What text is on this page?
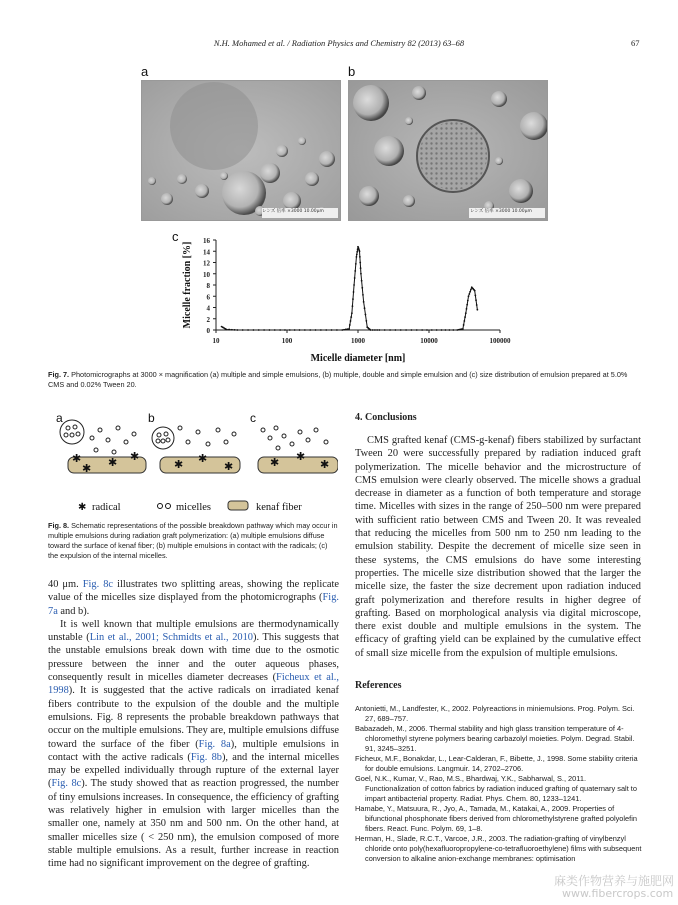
N.H. Mohamed et al. / Radiation Physics and Chemistry 82 (2013) 63–68	67
a	b
レンズ 倍率 ×3000 10.00μm	レンズ 倍率 ×3000 10.00μm
c
0
2
4
6
8
10
12
14
16
10	100	1000	10000	100000
Micelle diameter [nm]
Micelle fraction [%]
Fig. 7. Photomicrographs at 3000 × magnification (a) multiple and simple emulsions, (b) multiple, double and simple emulsion and (c) size distribution of emulsion prepared at 5.0% CMS and 0.02% Tween 20.
a	b	c
✱
✱ ✱ ✱
✱ ✱
✱	✱ ✱
✱
✱ radical	micelles	kenaf fiber
Fig. 8. Schematic representations of the possible breakdown pathway which may occur in multiple emulsions during radiation graft polymerization: (a) multiple emulsions diffuse toward the surface of kenaf fiber; (b) multiple emulsions in contact with the radicals; (c) the expulsion of the internal micelles.

40 μm. Fig. 8c illustrates two splitting areas, showing the replicate value of the micelles size displayed from the photomicrographs (Fig. 7a and b).

It is well known that multiple emulsions are thermodynamically unstable (Lin et al., 2001; Schmidts et al., 2010). This suggests that the unstable emulsions break down with time due to the osmotic pressure between the inner and the outer aqueous phases, consequently result in micelles diameter decreases (Ficheux et al., 1998). It is suggested that the active radicals on irradiated kenaf fibers contribute to the expulsion of the double and the multiple emulsions. Fig. 8 represents the probable breakdown pathways that occur on the multiple emulsions. They are, multiple emulsions diffuse toward the surface of the fiber (Fig. 8a), multiple emulsions in contact with the active radicals (Fig. 8b), and the internal micelles may be expelled individually through rupture of the external layer (Fig. 8c). The study showed that as reaction progressed, the number of tiny emulsions increases. In consequence, the efficiency of grafting was relatively higher in emulsion with larger micelles than the smaller one, namely at 350 nm and 500 nm. On the other hand, at smaller micelles size ( < 250 nm), the emulsion composed of more stable multiple emulsions. As a result, further increase in reaction time had no significant improvement on the degree of grafting.

4. Conclusions
CMS grafted kenaf (CMS-g-kenaf) fibers stabilized by surfactant Tween 20 were successfully prepared by radiation induced graft polymerization. The micelle behavior and the microstructure of CMS emulsion were clearly observed. The micelle shows a gradual decrease in diameter as a function of both temperature and storage time. Micelles with sizes in the range of 250–500 nm were prepared with sufficient ratio between CMS and Tween 20. It was revealed that reducing the micelles from 500 nm to 250 nm leading to the emulsion stability. Despite the decrement of micelle size seen in these systems, the CMS emulsions do have some interesting properties. The micelle size distribution showed that the larger the micelle size, the faster the size decrement upon radiation induced graft polymerization and therefore results in higher degree of grafting. Based on morphological analysis via digital microscope, there exist double and multiple emulsions in the system. The efficacy of grafting yield can be explained by the cumulative effect of small size micelle from the expulsion of multiple emulsions.
References
Antonietti, M., Landfester, K., 2002. Polyreactions in miniemulsions. Prog. Polym. Sci. 27, 689–757.
Babazadeh, M., 2006. Thermal stability and high glass transition temperature of 4-chloromethyl styrene polymers bearing carbazolyl moieties. Polym. Degrad. Stabil. 91, 3245–3251.
Ficheux, M.F., Bonakdar, L., Lear-Calderan, F., Bibette, J., 1998. Some stability criteria for double emulsions. Langmuir. 14, 2702–2706.
Goel, N.K., Kumar, V., Rao, M.S., Bhardwaj, Y.K., Sabharwal, S., 2011. Functionalization of cotton fabrics by radiation induced grafting of quaternary salt to impart antibacterial property. Radiat. Phys. Chem. 80, 1233–1241.
Hamabe, Y., Matsuura, R., Jyo, A., Tamada, M., Katakai, A., 2009. Properties of bifunctional phosphonate fibers derived from chloromethylstyrene grafted polyolefin fibers. React. Func. Polym. 69, 1–8.
Herman, H., Slade, R.C.T., Varcoe, J.R., 2003. The radiation-grafting of vinylbenzyl chloride onto poly(hexafluoropropylene-co-tetrafluoroethylene) films with subsequent conversion to alkaline anion-exchange membranes: optimisation
麻类作物营养与施肥网
www.fibercrops.com
